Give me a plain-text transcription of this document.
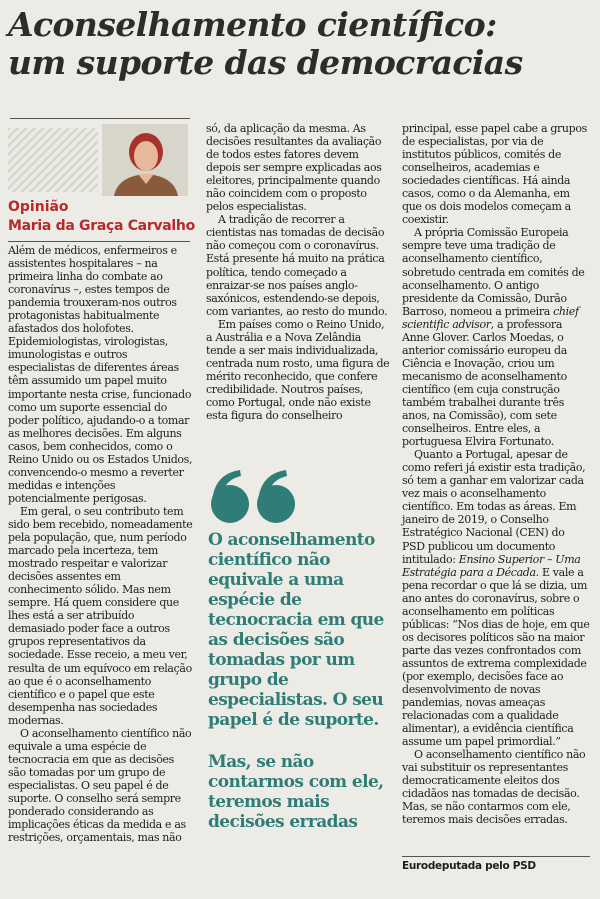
Aconselhamento científico:
um suporte das democracias
Opinião
Maria da Graça Carvalho

Além de médicos, enfermeiros e assistentes hospitalares – na primeira linha do combate ao coronavírus –, estes tempos de pandemia trouxeram-nos outros protagonistas habitualmente afastados dos holofotes. Epidemiologistas, virologistas, imunologistas e outros especialistas de diferentes áreas têm assumido um papel muito importante nesta crise, funcionado como um suporte essencial do poder político, ajudando-o a tomar as melhores decisões. Em alguns casos, bem conhecidos, como o Reino Unido ou os Estados Unidos, convencendo-o mesmo a reverter medidas e intenções potencialmente perigosas.

Em geral, o seu contributo tem sido bem recebido, nomeadamente pela população, que, num período marcado pela incerteza, tem mostrado respeitar e valorizar decisões assentes em conhecimento sólido. Mas nem sempre. Há quem considere que lhes está a ser atribuído demasiado poder face a outros grupos representativos da sociedade. Esse receio, a meu ver, resulta de um equívoco em relação ao que é o aconselhamento científico e o papel que este desempenha nas sociedades modernas.

O aconselhamento científico não equivale a uma espécie de tecnocracia em que as decisões são tomadas por um grupo de especialistas. O seu papel é de suporte. O conselho será sempre ponderado considerando as implicações éticas da medida e as restrições, orçamentais, mas não

só, da aplicação da mesma. As decisões resultantes da avaliação de todos estes fatores devem depois ser sempre explicadas aos eleitores, principalmente quando não coincidem com o proposto pelos especialistas.

A tradição de recorrer a cientistas nas tomadas de decisão não começou com o coronavírus. Está presente há muito na prática política, tendo começado a enraizar-se nos países anglo-saxónicos, estendendo-se depois, com variantes, ao resto do mundo.

Em países como o Reino Unido, a Austrália e a Nova Zelândia tende a ser mais individualizada, centrada num rosto, uma figura de mérito reconhecido, que confere credibilidade. Noutros países, como Portugal, onde não existe esta figura do conselheiro

O aconselhamento científico não equivale a uma espécie de tecnocracia em que as decisões são tomadas por um grupo de especialistas. O seu papel é de suporte.

Mas, se não contarmos com ele, teremos mais decisões erradas

principal, esse papel cabe a grupos de especialistas, por via de institutos públicos, comités de conselheiros, academias e sociedades científicas. Há ainda casos, como o da Alemanha, em que os dois modelos começam a coexistir.

A própria Comissão Europeia sempre teve uma tradição de aconselhamento científico, sobretudo centrada em comités de aconselhamento. O antigo presidente da Comissão, Durão Barroso, nomeou a primeira chief scientific advisor, a professora Anne Glover. Carlos Moedas, o anterior comissário europeu da Ciência e Inovação, criou um mecanismo de aconselhamento científico (em cuja construção também trabalhei durante três anos, na Comissão), com sete conselheiros. Entre eles, a portuguesa Elvira Fortunato.

Quanto a Portugal, apesar de como referi já existir esta tradição, só tem a ganhar em valorizar cada vez mais o aconselhamento científico. Em todas as áreas. Em janeiro de 2019, o Conselho Estratégico Nacional (CEN) do PSD publicou um documento intitulado: Ensino Superior – Uma Estratégia para a Década. E vale a pena recordar o que lá se dizia, um ano antes do coronavírus, sobre o aconselhamento em políticas públicas: “Nos dias de hoje, em que os decisores políticos são na maior parte das vezes confrontados com assuntos de extrema complexidade (por exemplo, decisões face ao desenvolvimento de novas pandemias, novas ameaças relacionadas com a qualidade alimentar), a evidência científica assume um papel primordial.”

O aconselhamento científico não vai substituir os representantes democraticamente eleitos dos cidadãos nas tomadas de decisão. Mas, se não contarmos com ele, teremos mais decisões erradas.

Eurodeputada pelo PSD
